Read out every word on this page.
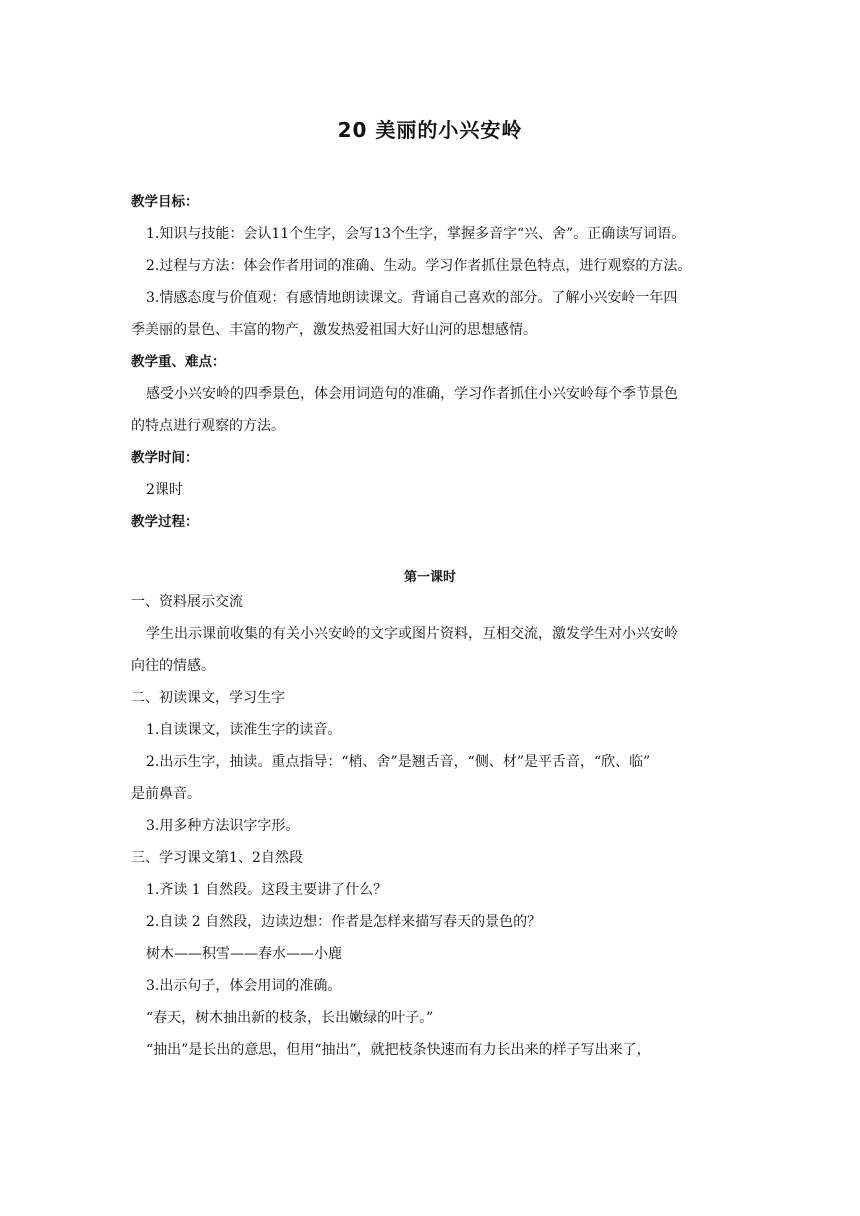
20 美丽的小兴安岭
教学目标：
1.知识与技能：会认11个生字，会写13个生字，掌握多音字“兴、舍”。正确读写词语。
2.过程与方法：体会作者用词的准确、生动。学习作者抓住景色特点，进行观察的方法。
3.情感态度与价值观：有感情地朗读课文。背诵自己喜欢的部分。了解小兴安岭一年四
季美丽的景色、丰富的物产，激发热爱祖国大好山河的思想感情。
教学重、难点：
感受小兴安岭的四季景色，体会用词造句的准确，学习作者抓住小兴安岭每个季节景色
的特点进行观察的方法。
教学时间：
2课时
教学过程：
第一课时
一、资料展示交流
学生出示课前收集的有关小兴安岭的文字或图片资料，互相交流，激发学生对小兴安岭
向往的情感。
二、初读课文，学习生字
1.自读课文，读准生字的读音。
2.出示生字，抽读。重点指导：“梢、舍”是翘舌音，“侧、材”是平舌音，“欣、临”
是前鼻音。
3.用多种方法识字字形。
三、学习课文第1、2自然段
1.齐读 1 自然段。这段主要讲了什么？
2.自读 2 自然段，边读边想：作者是怎样来描写春天的景色的？
树木——积雪——春水——小鹿
3.出示句子，体会用词的准确。
“春天，树木抽出新的枝条，长出嫩绿的叶子。”
“抽出”是长出的意思，但用“抽出”，就把枝条快速而有力长出来的样子写出来了，
